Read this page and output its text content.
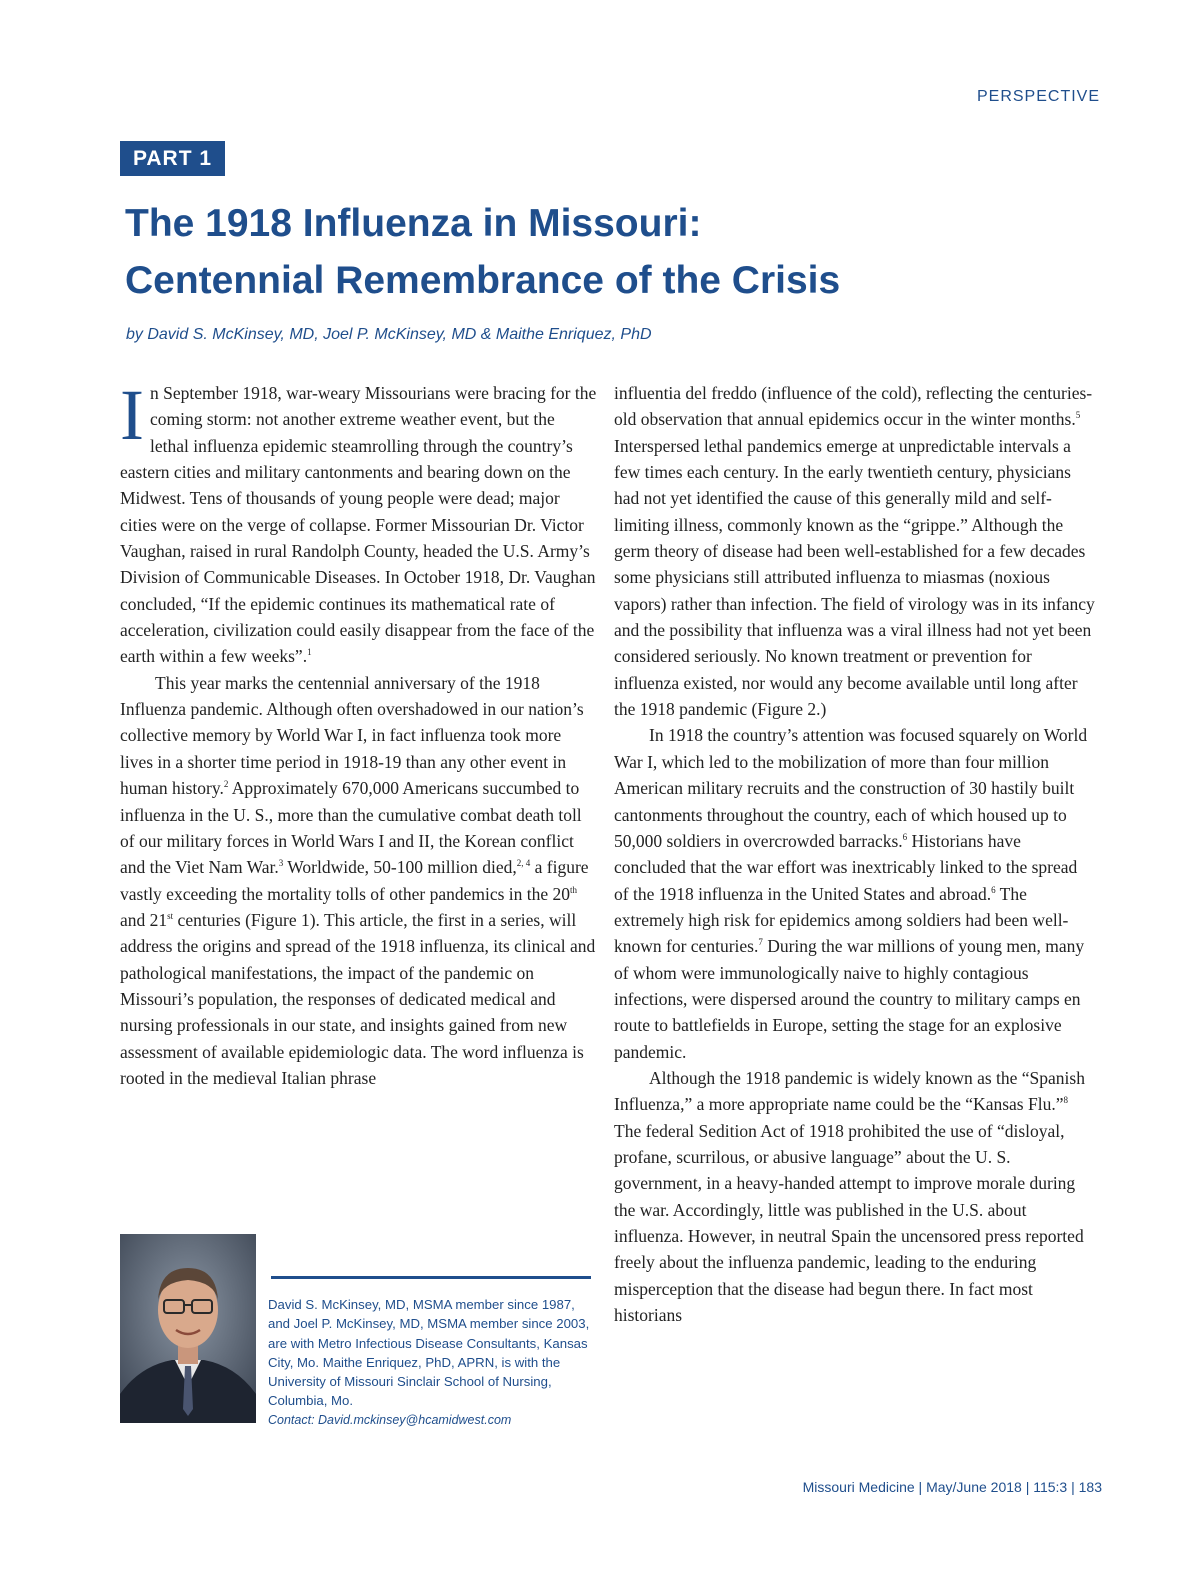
PERSPECTIVE
PART 1
The 1918 Influenza in Missouri:
Centennial Remembrance of the Crisis
by David S. McKinsey, MD, Joel P. McKinsey, MD & Maithe Enriquez, PhD

In September 1918, war-weary Missourians were bracing for the coming storm: not another extreme weather event, but the lethal influenza epidemic steamrolling through the country’s eastern cities and military cantonments and bearing down on the Midwest. Tens of thousands of young people were dead; major cities were on the verge of collapse. Former Missourian Dr. Victor Vaughan, raised in rural Randolph County, headed the U.S. Army’s Division of Communicable Diseases. In October 1918, Dr. Vaughan concluded, “If the epidemic continues its mathematical rate of acceleration, civilization could easily disappear from the face of the earth within a few weeks”.$^1$

This year marks the centennial anniversary of the 1918 Influenza pandemic. Although often overshadowed in our nation’s collective memory by World War I, in fact influenza took more lives in a shorter time period in 1918-19 than any other event in human history.$^2$ Approximately 670,000 Americans succumbed to influenza in the U. S., more than the cumulative combat death toll of our military forces in World Wars I and II, the Korean conflict and the Viet Nam War.$^3$ Worldwide, 50-100 million died,$^{2, 4}$ a figure vastly exceeding the mortality tolls of other pandemics in the 20th and 21st centuries (Figure 1). This article, the first in a series, will address the origins and spread of the 1918 influenza, its clinical and pathological manifestations, the impact of the pandemic on Missouri’s population, the responses of dedicated medical and nursing professionals in our state, and insights gained from new assessment of available epidemiologic data. The word influenza is rooted in the medieval Italian phrase

influentia del freddo (influence of the cold), reflecting the centuries-old observation that annual epidemics occur in the winter months.$^5$ Interspersed lethal pandemics emerge at unpredictable intervals a few times each century. In the early twentieth century, physicians had not yet identified the cause of this generally mild and self-limiting illness, commonly known as the “grippe.” Although the germ theory of disease had been well-established for a few decades some physicians still attributed influenza to miasmas (noxious vapors) rather than infection. The field of virology was in its infancy and the possibility that influenza was a viral illness had not yet been considered seriously. No known treatment or prevention for influenza existed, nor would any become available until long after the 1918 pandemic (Figure 2.)

In 1918 the country’s attention was focused squarely on World War I, which led to the mobilization of more than four million American military recruits and the construction of 30 hastily built cantonments throughout the country, each of which housed up to 50,000 soldiers in overcrowded barracks.$^6$ Historians have concluded that the war effort was inextricably linked to the spread of the 1918 influenza in the United States and abroad.$^6$ The extremely high risk for epidemics among soldiers had been well-known for centuries.$^7$ During the war millions of young men, many of whom were immunologically naive to highly contagious infections, were dispersed around the country to military camps en route to battlefields in Europe, setting the stage for an explosive pandemic.

Although the 1918 pandemic is widely known as the “Spanish Influenza,” a more appropriate name could be the “Kansas Flu.”$^8$ The federal Sedition Act of 1918 prohibited the use of “disloyal, profane, scurrilous, or abusive language” about the U. S. government, in a heavy-handed attempt to improve morale during the war. Accordingly, little was published in the U.S. about influenza. However, in neutral Spain the uncensored press reported freely about the influenza pandemic, leading to the enduring misperception that the disease had begun there. In fact most historians

David S. McKinsey, MD, MSMA member since 1987, and Joel P. McKinsey, MD, MSMA member since 2003, are with Metro Infectious Disease Consultants, Kansas City, Mo. Maithe Enriquez, PhD, APRN, is with the University of Missouri Sinclair School of Nursing, Columbia, Mo.
Contact: David.mckinsey@hcamidwest.com
Missouri Medicine | May/June 2018 | 115:3 | 183
